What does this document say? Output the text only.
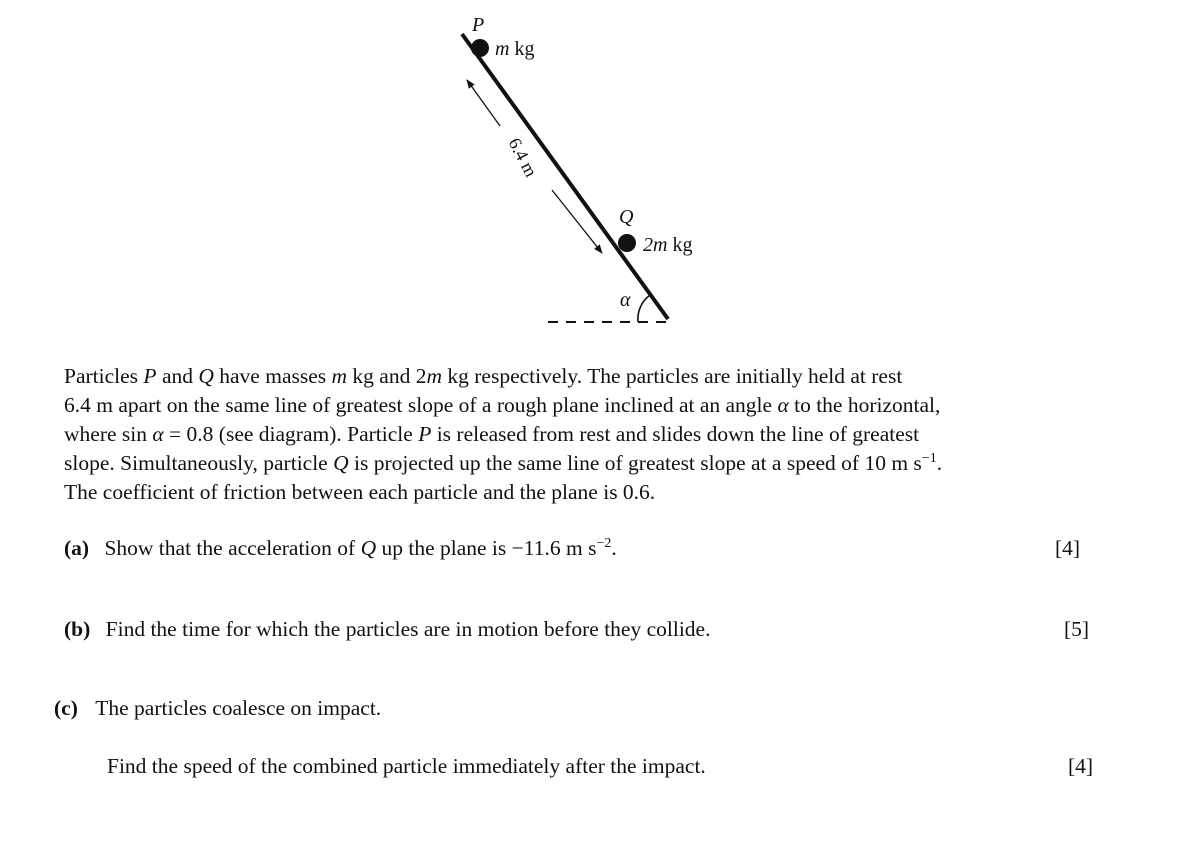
6.4 m
P
m kg
Q
2m kg
α

Particles P and Q have masses m kg and 2m kg respectively. The particles are initially held at rest
6.4 m apart on the same line of greatest slope of a rough plane inclined at an angle α to the horizontal,
where sin α = 0.8 (see diagram). Particle P is released from rest and slides down the line of greatest
slope. Simultaneously, particle Q is projected up the same line of greatest slope at a speed of 10 m $s^{-1}$.
The coefficient of friction between each particle and the plane is 0.6.

(a) Show that the acceleration of Q up the plane is −11.6 m $s^{-2}$.	[4]
(b) Find the time for which the particles are in motion before they collide.	[5]
(c) The particles coalesce on impact.
Find the speed of the combined particle immediately after the impact.	[4]
